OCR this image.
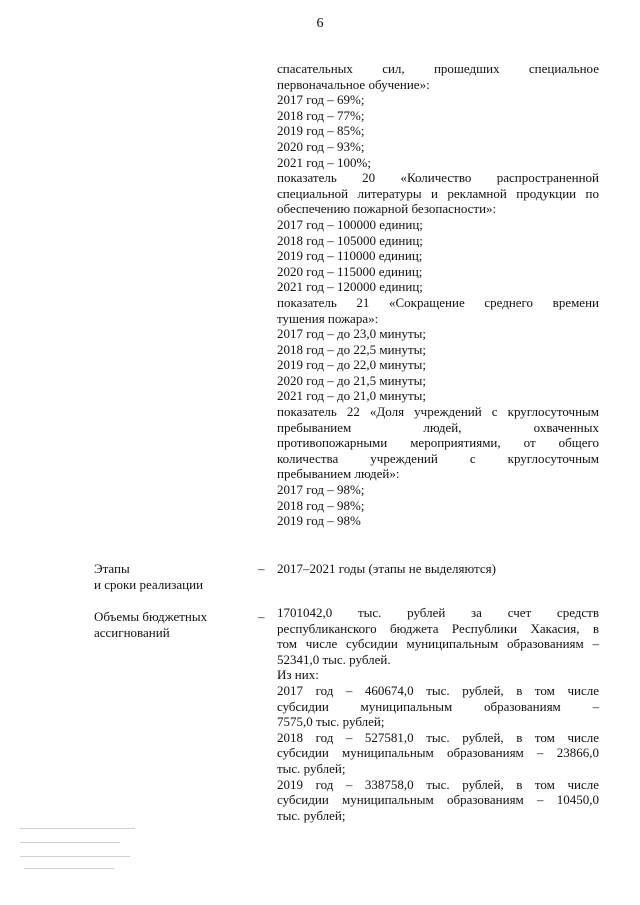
6
спасательных сил, прошедших специальное
первоначальное обучение»:
2017 год – 69%;
2018 год – 77%;
2019 год – 85%;
2020 год – 93%;
2021 год – 100%;
показатель 20 «Количество распространенной
специальной литературы и рекламной продукции по
обеспечению пожарной безопасности»:
2017 год – 100000 единиц;
2018 год – 105000 единиц;
2019 год – 110000 единиц;
2020 год – 115000 единиц;
2021 год – 120000 единиц;
показатель 21 «Сокращение среднего времени
тушения пожара»:
2017 год – до 23,0 минуты;
2018 год – до 22,5 минуты;
2019 год – до 22,0 минуты;
2020 год – до 21,5 минуты;
2021 год – до 21,0 минуты;
показатель 22 «Доля учреждений с круглосуточным
пребыванием людей, охваченных
противопожарными мероприятиями, от общего
количества учреждений с круглосуточным
пребыванием людей»:
2017 год – 98%;
2018 год – 98%;
2019 год – 98%
Этапы
и сроки реализации
– 2017–2021 годы (этапы не выделяются)
Объемы бюджетных
ассигнований
– 1701042,0 тыс. рублей за счет средств
республиканского бюджета Республики Хакасия, в
том числе субсидии муниципальным образованиям –
52341,0 тыс. рублей.
Из них:
2017 год – 460674,0 тыс. рублей, в том числе
субсидии муниципальным образованиям –
7575,0 тыс. рублей;
2018 год – 527581,0 тыс. рублей, в том числе
субсидии муниципальным образованиям – 23866,0
тыс. рублей;
2019 год – 338758,0 тыс. рублей, в том числе
субсидии муниципальным образованиям – 10450,0
тыс. рублей;
